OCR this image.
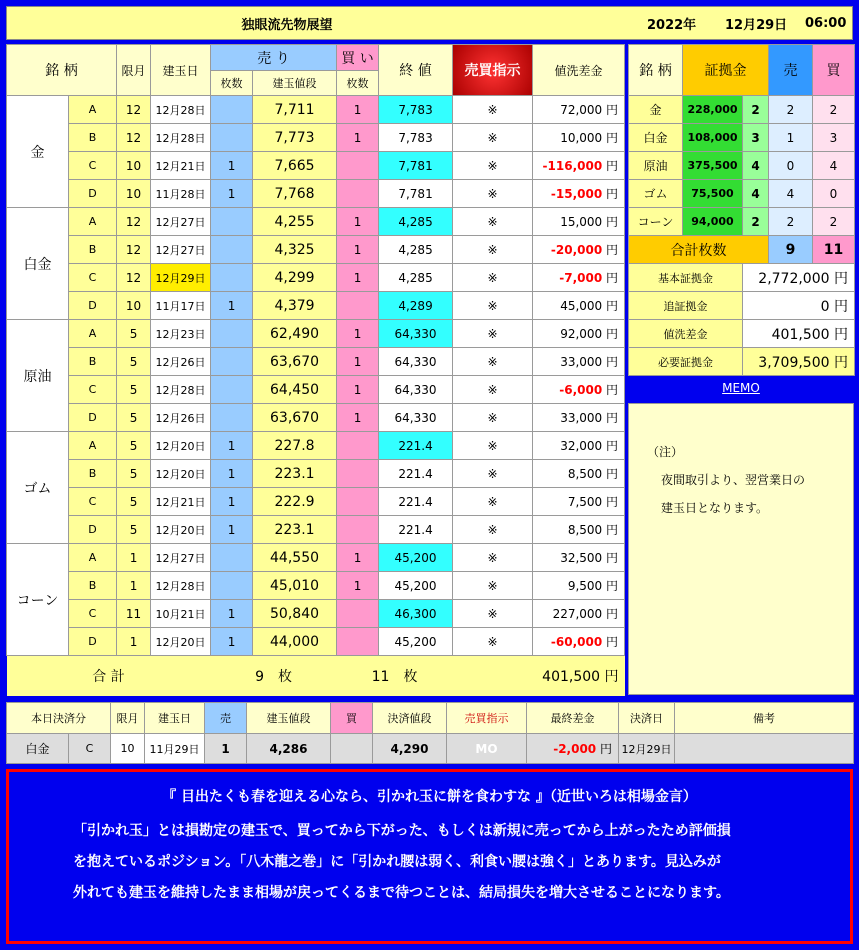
独眼流先物展望	2022年 12月29日 06:00
銘 柄		限月	建玉日	売 り		買 い	終 値	売買指示	値洗差金
				枚数	建玉値段	枚数			
金	A	12	12月28日		7,711	1	7,783	※	72,000 円
	B	12	12月28日		7,773	1	7,783	※	10,000 円
	C	10	12月21日	1	7,665		7,781	※	-116,000 円
	D	10	11月28日	1	7,768		7,781	※	-15,000 円
白金	A	12	12月27日		4,255	1	4,285	※	15,000 円
	B	12	12月27日		4,325	1	4,285	※	-20,000 円
	C	12	12月29日		4,299	1	4,285	※	-7,000 円
	D	10	11月17日	1	4,379		4,289	※	45,000 円
原油	A	5	12月23日		62,490	1	64,330	※	92,000 円
	B	5	12月26日		63,670	1	64,330	※	33,000 円
	C	5	12月28日		64,450	1	64,330	※	-6,000 円
	D	5	12月26日		63,670	1	64,330	※	33,000 円
ゴム	A	5	12月20日	1	227.8		221.4	※	32,000 円
	B	5	12月20日	1	223.1		221.4	※	8,500 円
	C	5	12月21日	1	222.9		221.4	※	7,500 円
	D	5	12月20日	1	223.1		221.4	※	8,500 円
コーン	A	1	12月27日		44,550	1	45,200	※	32,500 円
	B	1	12月28日		45,010	1	45,200	※	9,500 円
	C	11	10月21日	1	50,840		46,300	※	227,000 円
	D	1	12月20日	1	44,000		45,200	※	-60,000 円
合 計				9　 枚		11　 枚			401,500 円
銘 柄	証拠金		売	買
金	228,000	2	2	2
白金	108,000	3	1	3
原油	375,500	4	0	4
ゴム	75,500	4	4	0
コーン	94,000	2	2	2
合計枚数			9	11
基本証拠金		2,772,000 円		
追証拠金		0 円		
値洗差金		401,500 円		
必要証拠金		3,709,500 円		
MEMO
（注）
夜間取引より、翌営業日の
建玉日となります。
本日決済分		限月	建玉日	売	建玉値段	買	決済値段	売買指示	最終差金	決済日	備考
白金	C	10	11月29日	1	4,286		4,290	MO	-2,000 円	12月29日	
『 目出たくも春を迎える心なら、引かれ玉に餅を食わすな 』（近世いろは相場金言）
「引かれ玉」とは損勘定の建玉で、買ってから下がった、もしくは新規に売ってから上がったため評価損
を抱えているポジション。「八木龍之巻」に「引かれ腰は弱く、利食い腰は強く」とあります。見込みが
外れても建玉を維持したまま相場が戻ってくるまで待つことは、結局損失を増大させることになります。
